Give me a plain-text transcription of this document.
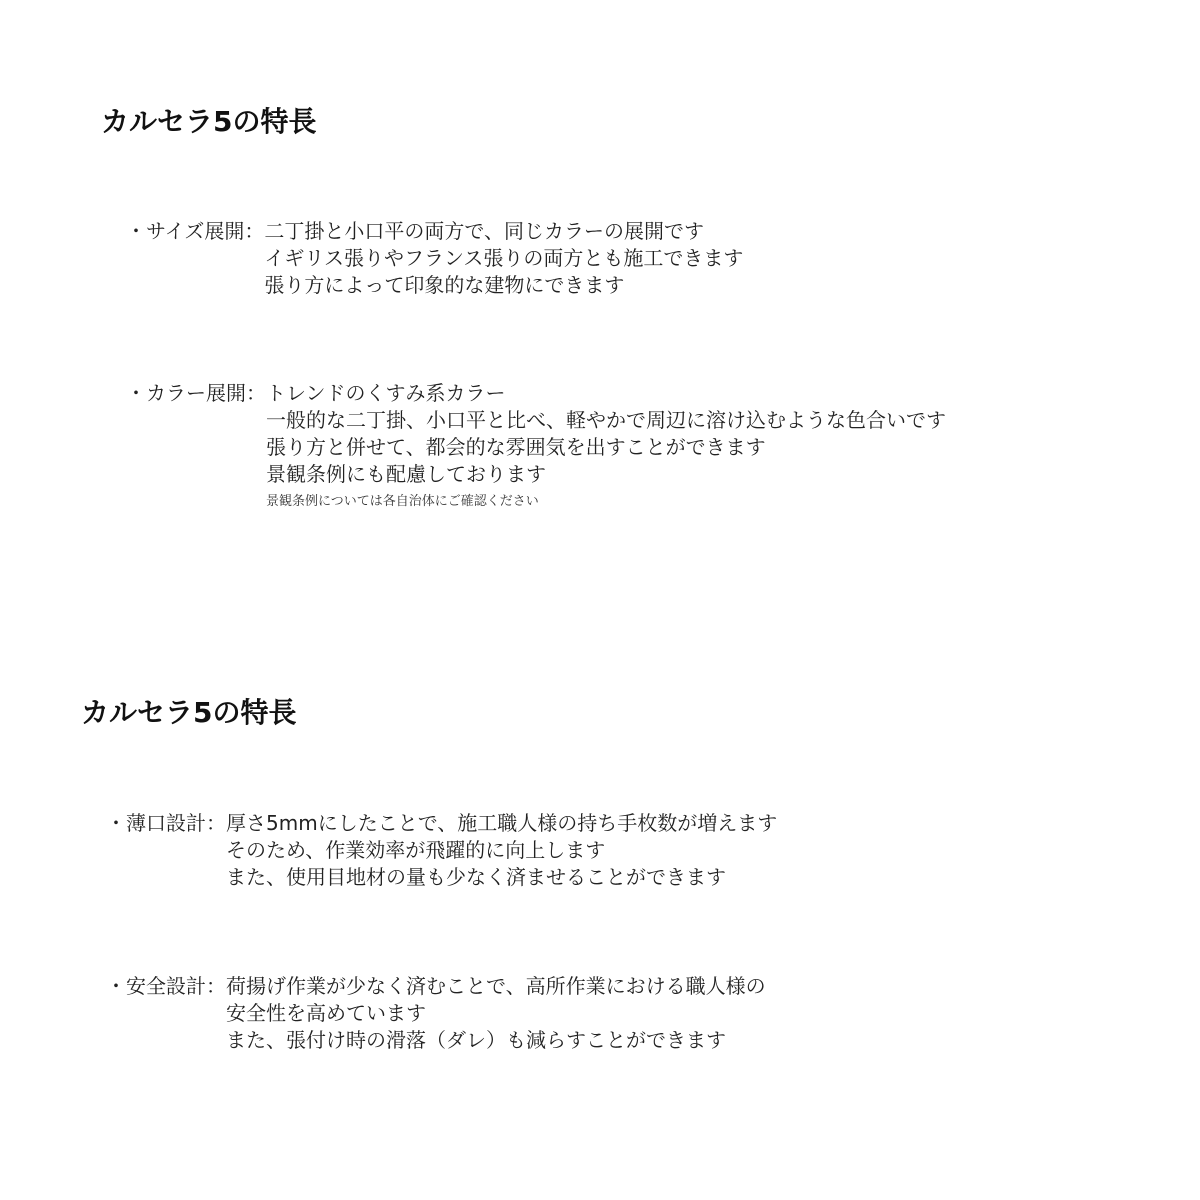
カルセラ5の特長
・サイズ展開： 二丁掛と小口平の両方で、同じカラーの展開です
イギリス張りやフランス張りの両方とも施工できます
張り方によって印象的な建物にできます
・カラー展開： トレンドのくすみ系カラー
一般的な二丁掛、小口平と比べ、軽やかで周辺に溶け込むような色合いです
張り方と併せて、都会的な雰囲気を出すことができます
景観条例にも配慮しております
景観条例については各自治体にご確認ください
カルセラ5の特長
・薄口設計： 厚さ5mmにしたことで、施工職人様の持ち手枚数が増えます
そのため、作業効率が飛躍的に向上します
また、使用目地材の量も少なく済ませることができます
・安全設計： 荷揚げ作業が少なく済むことで、高所作業における職人様の
安全性を高めています
また、張付け時の滑落（ダレ）も減らすことができます
